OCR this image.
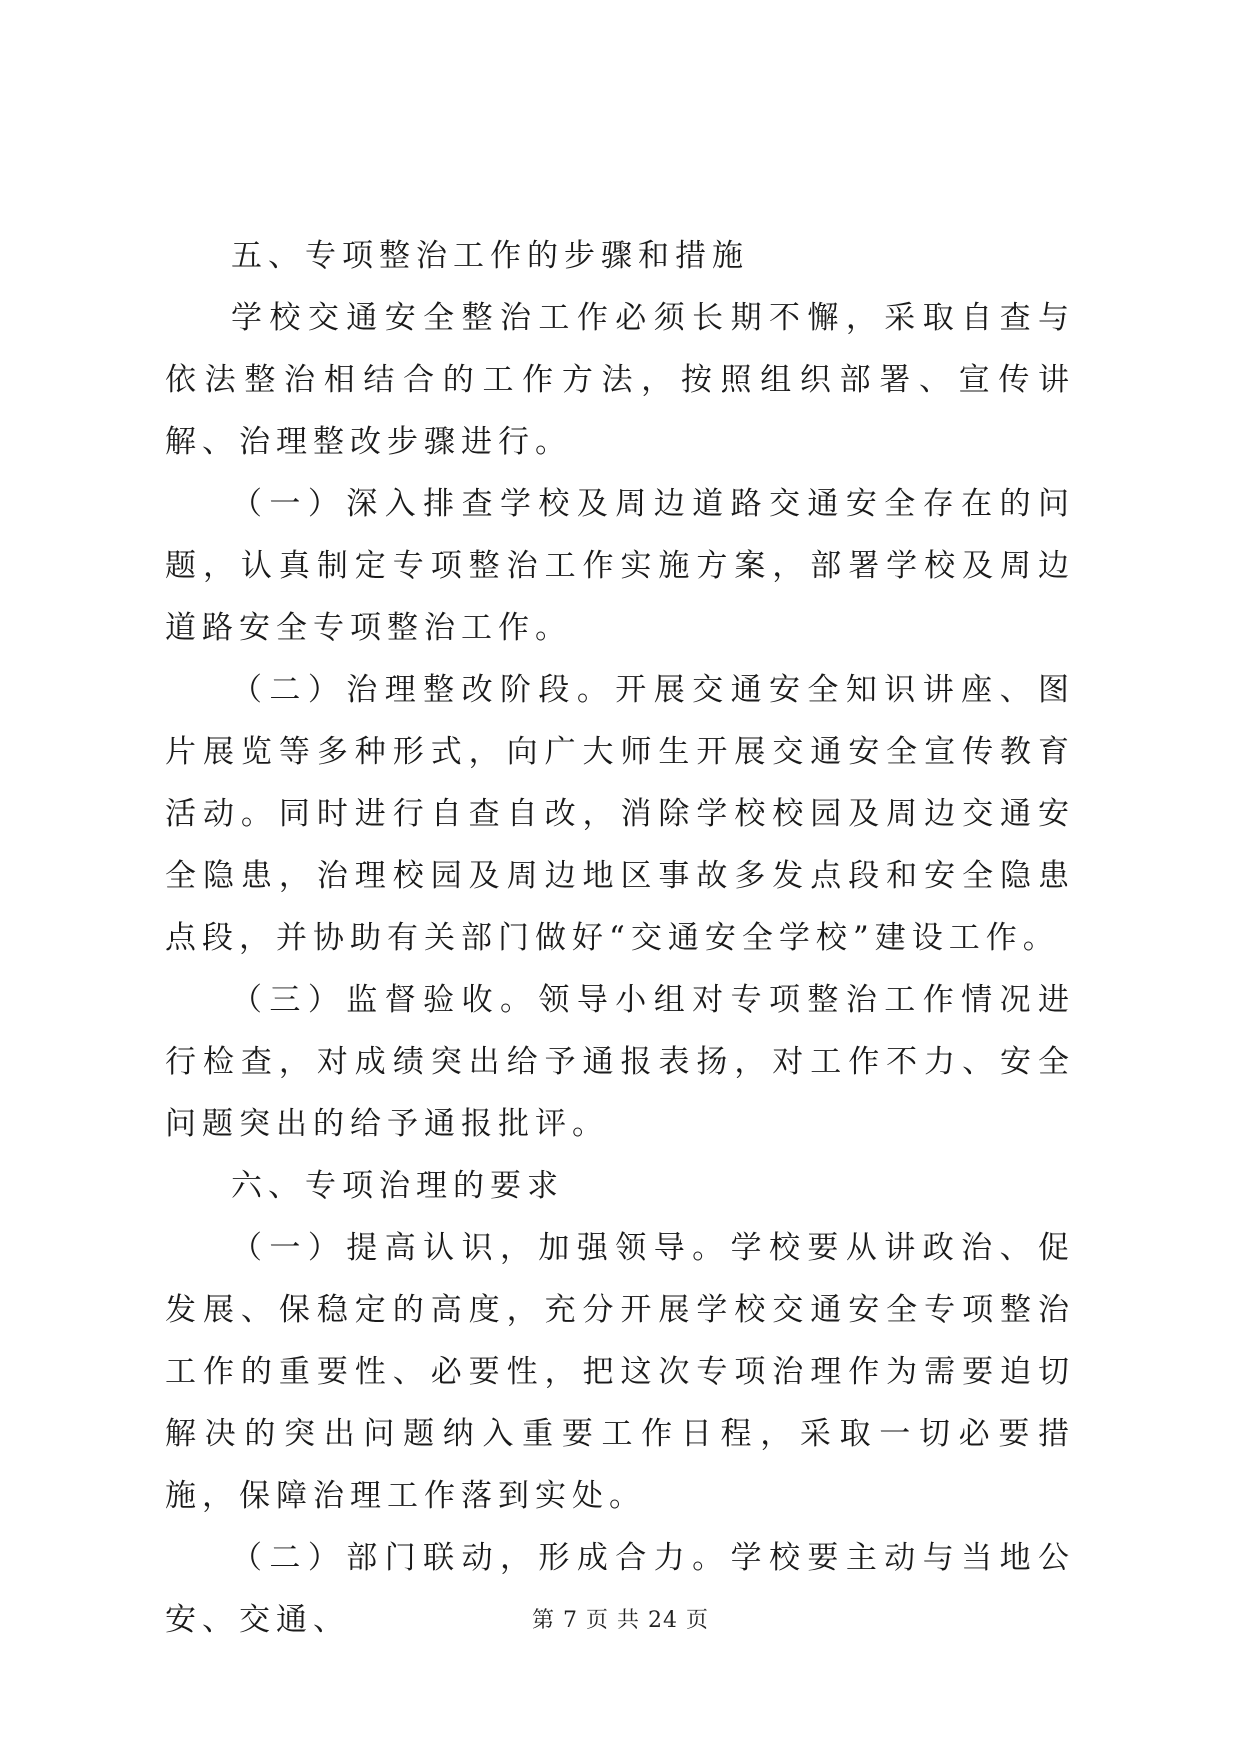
五、专项整治工作的步骤和措施

学校交通安全整治工作必须长期不懈，采取自查与依法整治相结合的工作方法，按照组织部署、宣传讲解、治理整改步骤进行。

（一）深入排查学校及周边道路交通安全存在的问题，认真制定专项整治工作实施方案，部署学校及周边道路安全专项整治工作。

（二）治理整改阶段。开展交通安全知识讲座、图片展览等多种形式，向广大师生开展交通安全宣传教育活动。同时进行自查自改，消除学校校园及周边交通安全隐患，治理校园及周边地区事故多发点段和安全隐患点段，并协助有关部门做好“交通安全学校”建设工作。

（三）监督验收。领导小组对专项整治工作情况进行检查，对成绩突出给予通报表扬，对工作不力、安全问题突出的给予通报批评。

六、专项治理的要求

（一）提高认识，加强领导。学校要从讲政治、促发展、保稳定的高度，充分开展学校交通安全专项整治工作的重要性、必要性，把这次专项治理作为需要迫切解决的突出问题纳入重要工作日程，采取一切必要措施，保障治理工作落到实处。

（二）部门联动，形成合力。学校要主动与当地公安、交通、	第 7 页 共 24 页
